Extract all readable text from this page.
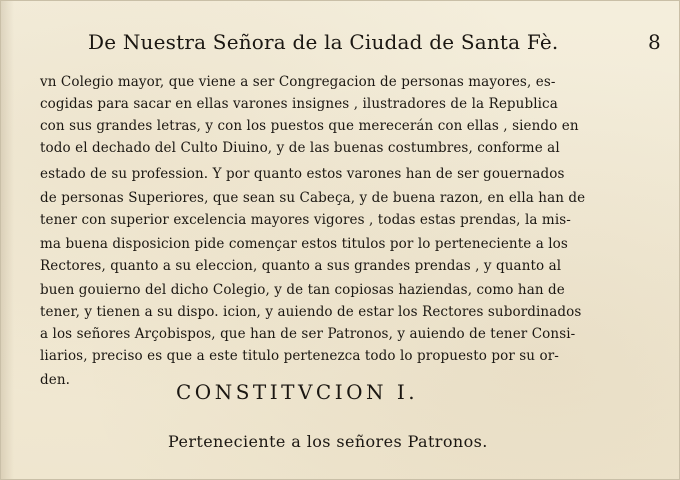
De Nuestra Señora de la Ciudad de Santa Fè.	8
vn Colegio mayor, que viene a ser Congregacion de personas mayores, es-
cogidas para sacar en ellas varones insignes , ilustradores de la Republica
con sus grandes letras, y con los puestos que merecerán con ellas , siendo en
todo el dechado del Culto Diuino, y de las buenas costumbres, conforme al
estado de su profession. Y por quanto estos varones han de ser gouernados
de personas Superiores, que sean su Cabeça, y de buena razon, en ella han de
tener con superior excelencia mayores vigores , todas estas prendas, la mis-
ma buena disposicion pide començar estos titulos por lo perteneciente a los
Rectores, quanto a su eleccion, quanto a sus grandes prendas , y quanto al
buen gouierno del dicho Colegio, y de tan copiosas haziendas, como han de
tener, y tienen a su dispo. icion, y auiendo de estar los Rectores subordinados
a los señores Arçobispos, que han de ser Patronos, y auiendo de tener Consi-
liarios, preciso es que a este titulo pertenezca todo lo propuesto por su or-
den.	CONSTITVCION I.
Perteneciente a los señores Patronos.
